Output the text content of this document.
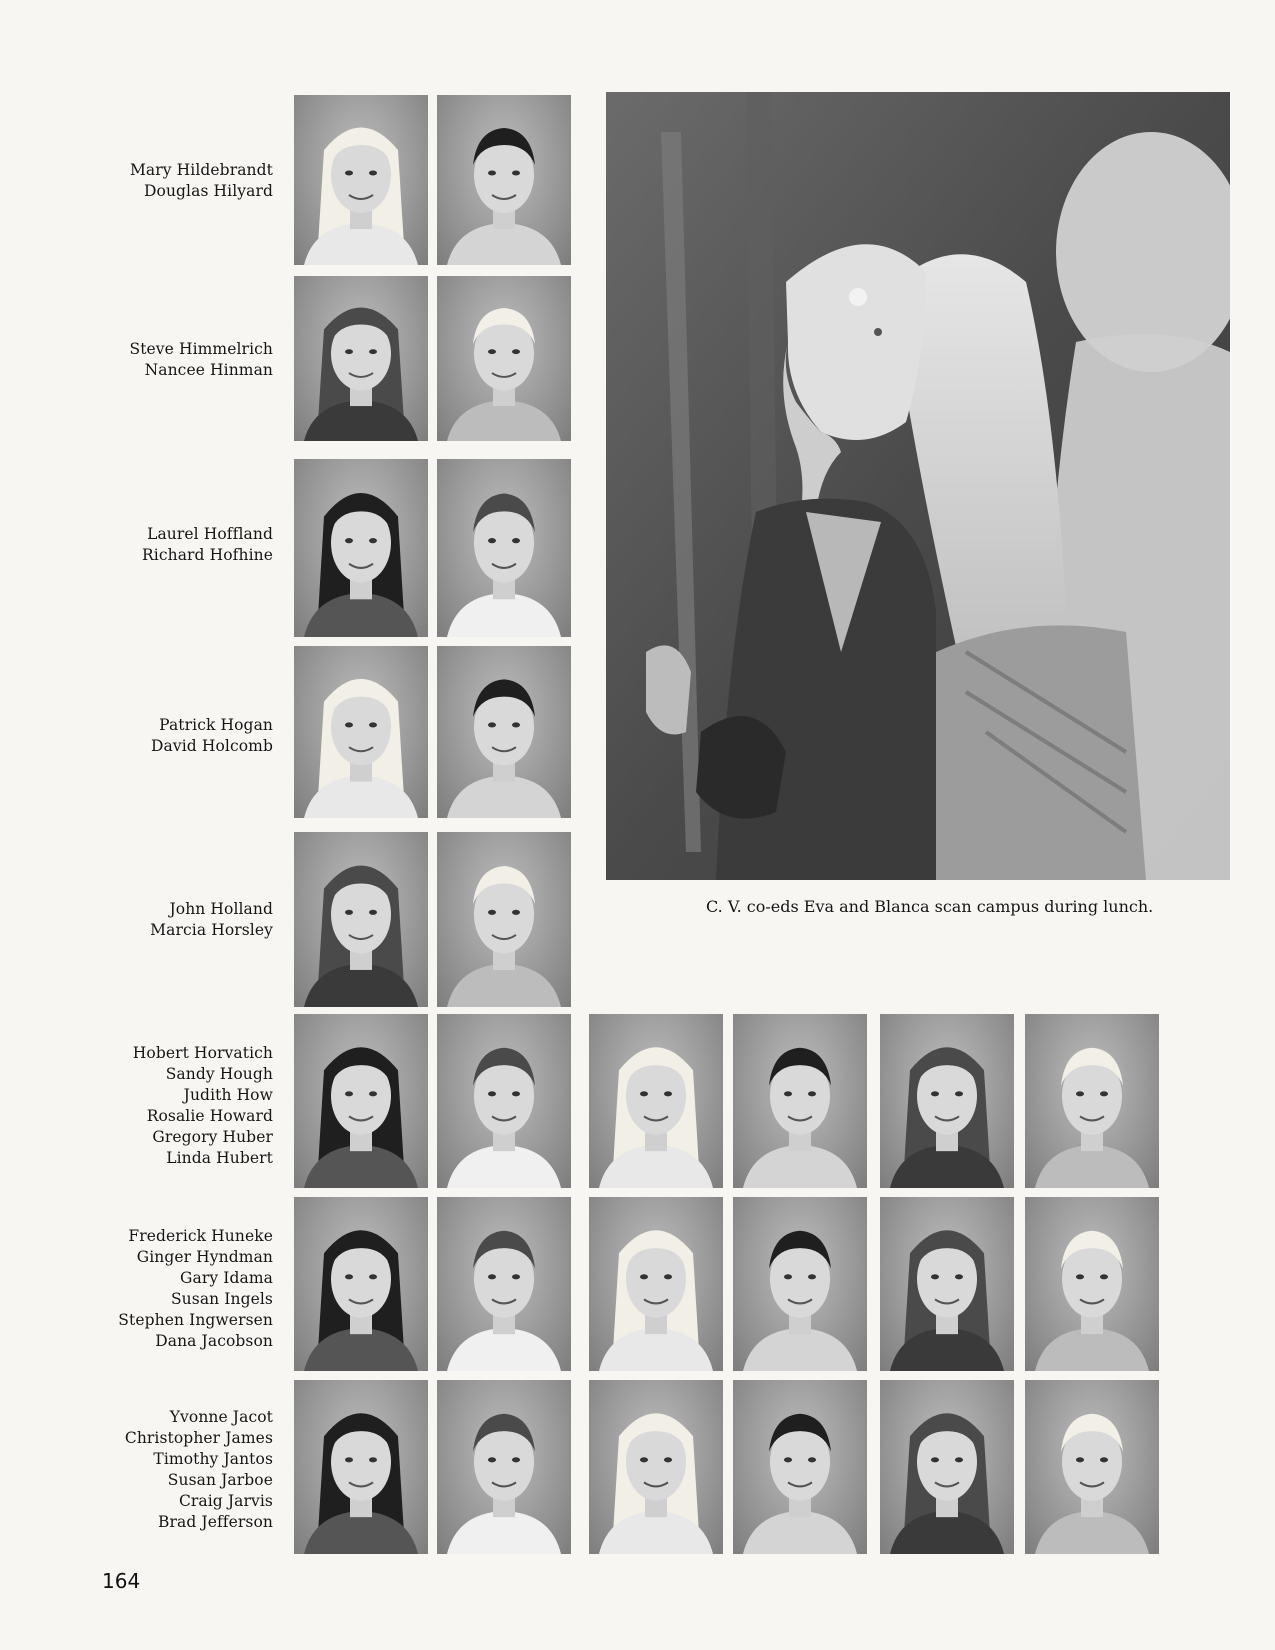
Mary Hildebrandt
Douglas Hilyard
Steve Himmelrich
Nancee Hinman
Laurel Hoffland
Richard Hofhine
Patrick Hogan
David Holcomb
John Holland
Marcia Horsley
Hobert Horvatich
Sandy Hough
Judith How
Rosalie Howard
Gregory Huber
Linda Hubert
Frederick Huneke
Ginger Hyndman
Gary Idama
Susan Ingels
Stephen Ingwersen
Dana Jacobson
Yvonne Jacot
Christopher James
Timothy Jantos
Susan Jarboe
Craig Jarvis
Brad Jefferson
C. V. co-eds Eva and Blanca scan campus during lunch.
164
